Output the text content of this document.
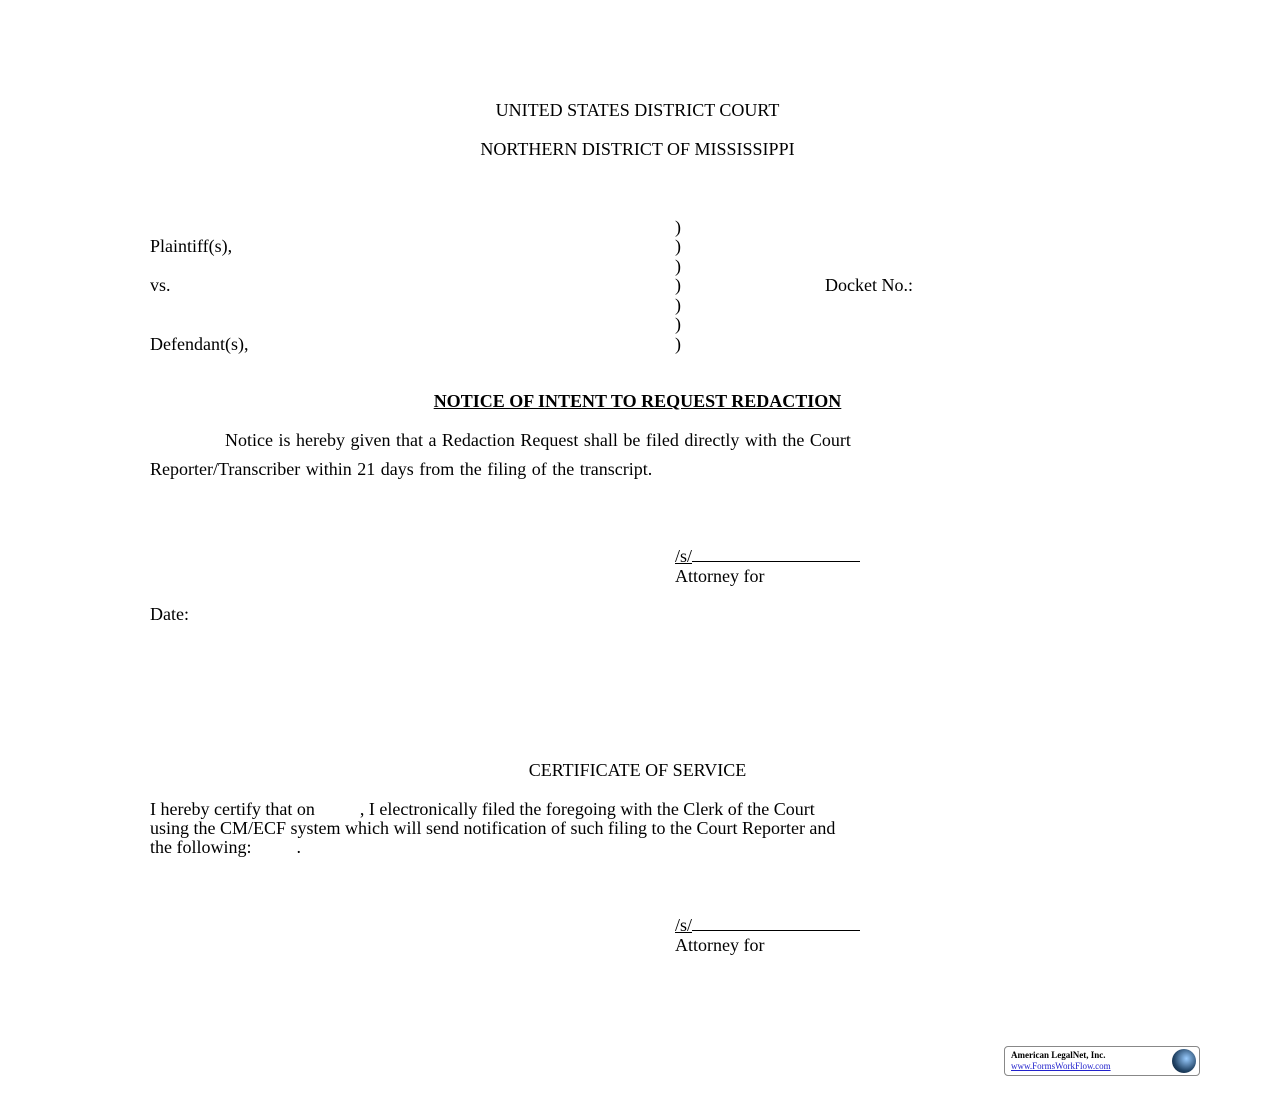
UNITED STATES DISTRICT COURT
NORTHERN DISTRICT OF MISSISSIPPI
Plaintiff(s),
vs.
Defendant(s),
Docket No.:
)
)
)
)
)
)
)
NOTICE OF INTENT TO REQUEST REDACTION
Notice is hereby given that a Redaction Request shall be filed directly with the Court
Reporter/Transcriber within 21 days from the filing of the transcript.
/s/
Attorney for
Date:
CERTIFICATE OF SERVICE
I hereby certify that on          , I electronically filed the foregoing with the Clerk of the Court
using the CM/ECF system which will send notification of such filing to the Court Reporter and
the following:          .
/s/
Attorney for
American LegalNet, Inc.
www.FormsWorkFlow.com
